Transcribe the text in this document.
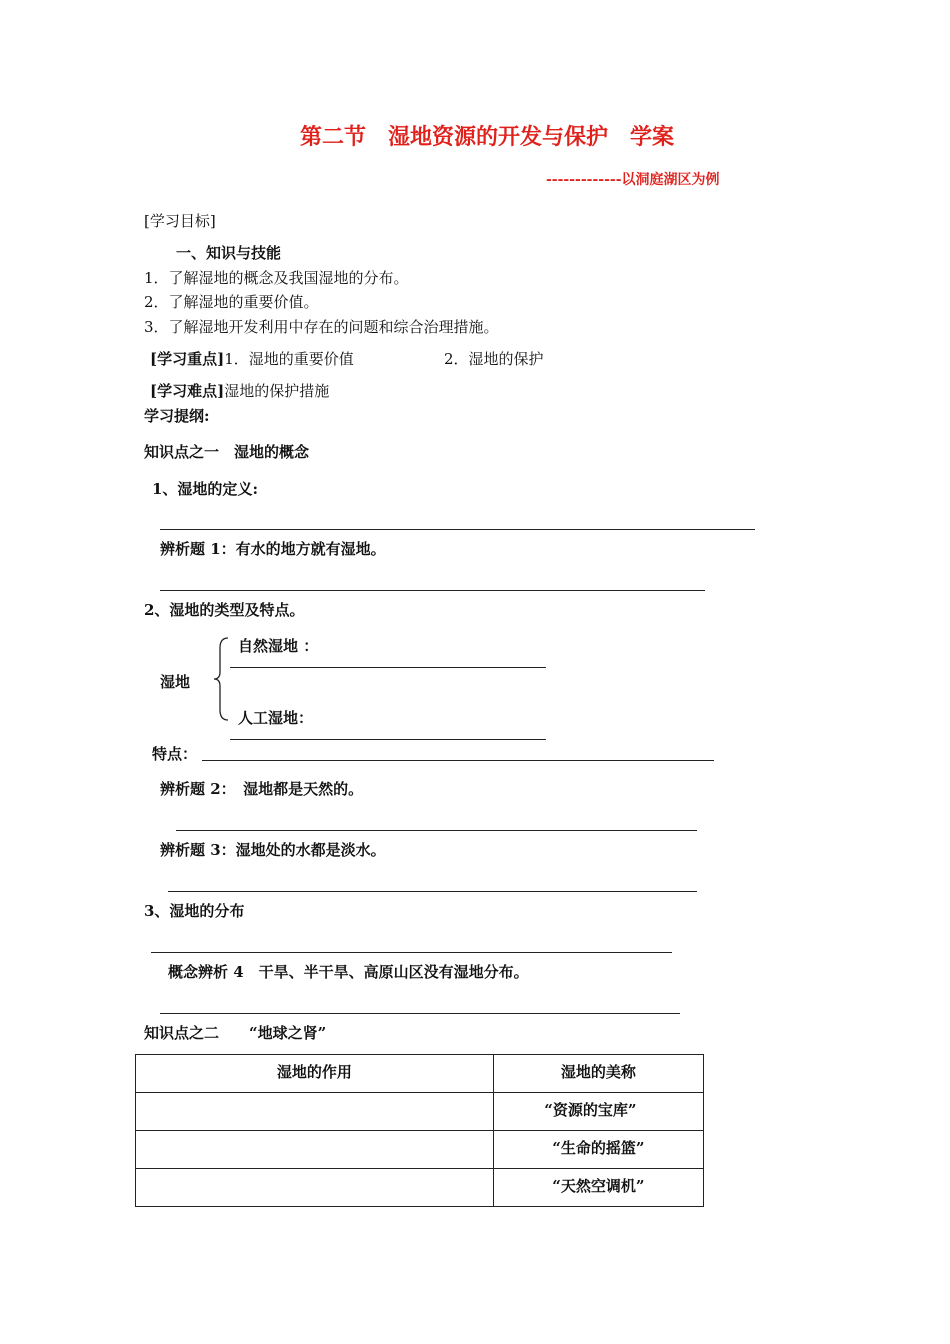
第二节　湿地资源的开发与保护　学案
-------------以洞庭湖区为例
[学习目标]
一、知识与技能
1．了解湿地的概念及我国湿地的分布。
2．了解湿地的重要价值。
3．了解湿地开发利用中存在的问题和综合治理措施。
[学习重点]1．湿地的重要价值	2．湿地的保护
[学习难点]湿地的保护措施
学习提纲:
知识点之一　湿地的概念
1、湿地的定义:
辨析题 1：有水的地方就有湿地。
2、湿地的类型及特点。
自然湿地 ：
湿地
人工湿地：
特点：
辨析题 2：　湿地都是天然的。
辨析题 3：湿地处的水都是淡水。
3、湿地的分布
概念辨析 4　干旱、半干旱、高原山区没有湿地分布。
知识点之二　　“地球之肾”
湿地的作用	湿地的美称

	“资源的宝库”

	“生命的摇篮”

	“天然空调机”
